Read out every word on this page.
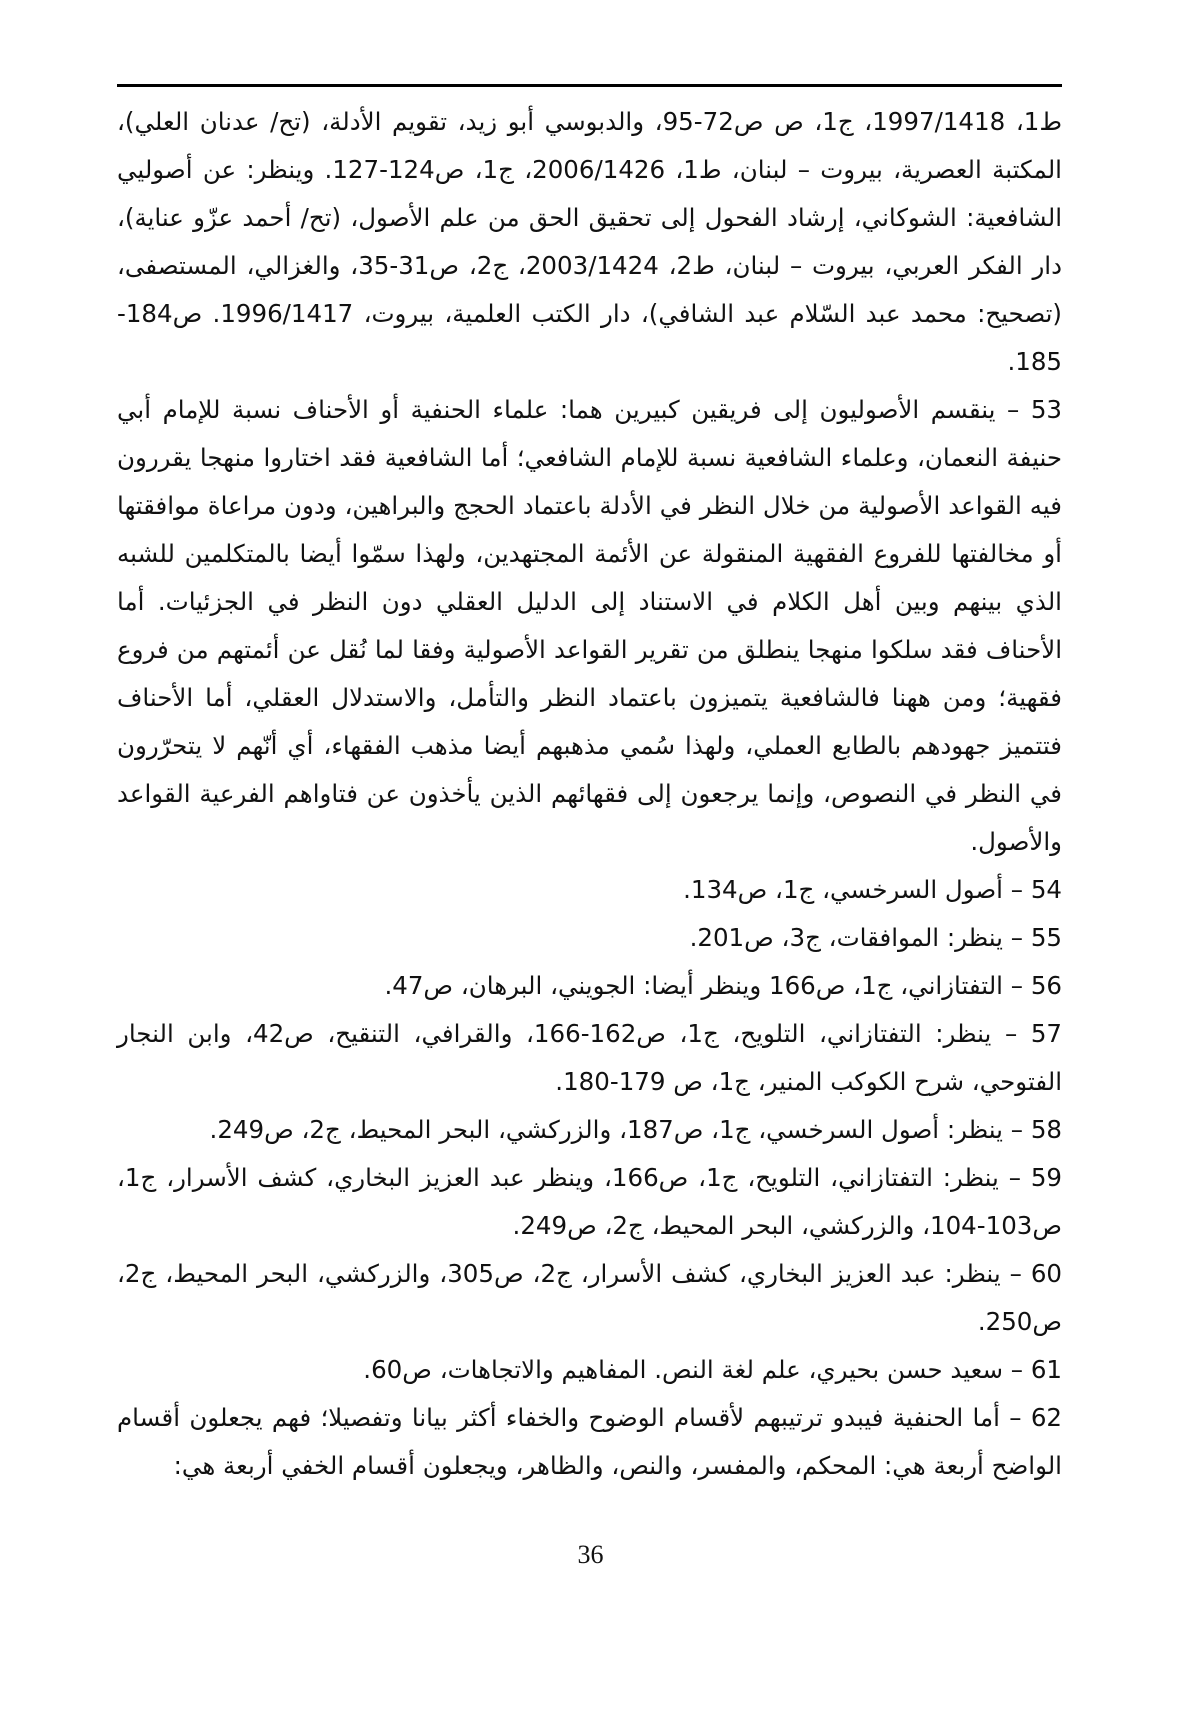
ط1، 1997/1418، ج1، ص ص72-95، والدبوسي أبو زيد، تقويم الأدلة، (تح/ عدنان العلي)، المكتبة العصرية، بيروت – لبنان، ط1، 2006/1426، ج1، ص124-127. وينظر: عن أصوليي الشافعية: الشوكاني، إرشاد الفحول إلى تحقيق الحق من علم الأصول، (تح/ أحمد عزّو عناية)، دار الفكر العربي، بيروت – لبنان، ط2، 2003/1424، ج2، ص31-35، والغزالي، المستصفى، (تصحيح: محمد عبد السّلام عبد الشافي)، دار الكتب العلمية، بيروت، 1996/1417. ص184-185.

53 – ينقسم الأصوليون إلى فريقين كبيرين هما: علماء الحنفية أو الأحناف نسبة للإمام أبي حنيفة النعمان، وعلماء الشافعية نسبة للإمام الشافعي؛ أما الشافعية فقد اختاروا منهجا يقررون فيه القواعد الأصولية من خلال النظر في الأدلة باعتماد الحجج والبراهين، ودون مراعاة موافقتها أو مخالفتها للفروع الفقهية المنقولة عن الأئمة المجتهدين، ولهذا سمّوا أيضا بالمتكلمين للشبه الذي بينهم وبين أهل الكلام في الاستناد إلى الدليل العقلي دون النظر في الجزئيات. أما الأحناف فقد سلكوا منهجا ينطلق من تقرير القواعد الأصولية وفقا لما نُقل عن أئمتهم من فروع فقهية؛ ومن ههنا فالشافعية يتميزون باعتماد النظر والتأمل، والاستدلال العقلي، أما الأحناف فتتميز جهودهم بالطابع العملي، ولهذا سُمي مذهبهم أيضا مذهب الفقهاء، أي أنّهم لا يتحرّرون في النظر في النصوص، وإنما يرجعون إلى فقهائهم الذين يأخذون عن فتاواهم الفرعية القواعد والأصول.

54 – أصول السرخسي، ج1، ص134.

55 – ينظر: الموافقات، ج3، ص201.

56 – التفتازاني، ج1، ص166 وينظر أيضا: الجويني، البرهان، ص47.

57 – ينظر: التفتازاني، التلويح، ج1، ص162-166، والقرافي، التنقيح، ص42، وابن النجار الفتوحي، شرح الكوكب المنير، ج1، ص 179-180.

58 – ينظر: أصول السرخسي، ج1، ص187، والزركشي، البحر المحيط، ج2، ص249.

59 – ينظر: التفتازاني، التلويح، ج1، ص166، وينظر عبد العزيز البخاري، كشف الأسرار، ج1، ص103-104، والزركشي، البحر المحيط، ج2، ص249.

60 – ينظر: عبد العزيز البخاري، كشف الأسرار، ج2، ص305، والزركشي، البحر المحيط، ج2، ص250.

61 – سعيد حسن بحيري، علم لغة النص. المفاهيم والاتجاهات، ص60.

62 – أما الحنفية فيبدو ترتيبهم لأقسام الوضوح والخفاء أكثر بيانا وتفصيلا؛ فهم يجعلون أقسام الواضح أربعة هي: المحكم، والمفسر، والنص، والظاهر، ويجعلون أقسام الخفي أربعة هي:

36
